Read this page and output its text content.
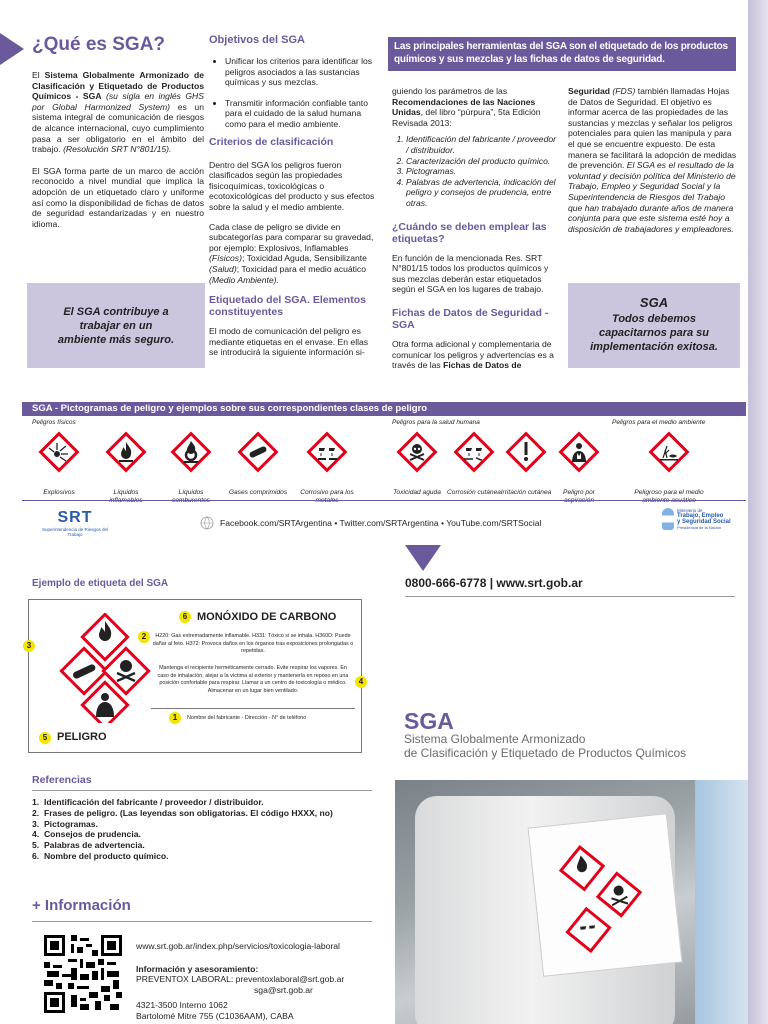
¿Qué es SGA?

El Sistema Globalmente Armonizado de Clasificación y Etiquetado de Productos Químicos - SGA (su sigla en inglés GHS por Global Harmonized System) es un sistema integral de comunicación de riesgos de alcance internacional, cuyo cumplimiento pasa a ser obligatorio en el ámbito del trabajo. (Resolución SRT N°801/15).

El SGA forma parte de un marco de acción reconocido a nivel mundial que implica la adopción de un etiquetado claro y uniforme así como la disponibilidad de fichas de datos de seguridad estandarizadas y en nuestro idioma.

El SGA contribuye a trabajar en un ambiente más seguro.
Objetivos del SGA
• Unificar los criterios para identificar los peligros asociados a las sustancias químicas y sus mezclas.
• Transmitir información confiable tanto para el cuidado de la salud humana como para el medio ambiente.
Criterios de clasificación

Dentro del SGA los peligros fueron clasificados según las propiedades fisicoquímicas, toxicológicas o ecotoxicológicas del producto y sus efectos sobre la salud y el medio ambiente.

Cada clase de peligro se divide en subcategorías para comparar su gravedad, por ejemplo: Explosivos, Inflamables (Físicos); Toxicidad Aguda, Sensibilizante (Salud); Toxicidad para el medio acuático (Medio Ambiente).

Etiquetado del SGA. Elementos constituyentes

El modo de comunicación del peligro es mediante etiquetas en el envase. En ellas se introducirá la siguiente información si-

Las principales herramientas del SGA son el etiquetado de los productos químicos y sus mezclas y las fichas de datos de seguridad.

guiendo los parámetros de las Recomendaciones de las Naciones Unidas, del libro “púrpura”, 5ta Edición Revisada 2013:

1. Identificación del fabricante / proveedor / distribuidor.
2. Caracterización del producto químico.
3. Pictogramas.
4. Palabras de advertencia, indicación del peligro y consejos de prudencia, entre otras.
¿Cuándo se deben emplear las etiquetas?

En función de la mencionada Res. SRT N°801/15 todos los productos químicos y sus mezclas deberán estar etiquetados según el SGA en los lugares de trabajo.

Fichas de Datos de Seguridad - SGA

Otra forma adicional y complementaria de comunicar los peligros y advertencias es a través de las Fichas de Datos de

Seguridad (FDS) también llamadas Hojas de Datos de Seguridad. El objetivo es informar acerca de las propiedades de las sustancias y mezclas y señalar los peligros potenciales para quien las manipula y para el que se encuentre expuesto. De esta manera se facilitará la adopción de medidas de prevención. El SGA es el resultado de la voluntad y decisión política del Ministerio de Trabajo, Empleo y Seguridad Social y la Superintendencia de Riesgos del Trabajo que han trabajado durante años de manera conjunta para que este sistema esté hoy a disposición de trabajadores y empleadores.

SGA
Todos debemos capacitarnos para su implementación exitosa.
SGA - Pictogramas de peligro y ejemplos sobre sus correspondientes clases de peligro
Peligros físicos	Peligros para la salud humana	Peligros para el medio ambiente
Explosivos	Líquidos	Líquidos	Gases comprimidos	Corrosivo para los	Toxicidad aguda Corrosión cutánea Irritación cutánea	Peligro por	Peligroso para el medio
SRT
Superintendencia de Riesgos del Trabajo
Facebook.com/SRTArgentina • Twitter.com/SRTArgentina • YouTube.com/SRTSocial
Ministerio de
Trabajo, Empleo
y Seguridad Social
Presidencia de la Nación
0800-666-6778 | www.srt.gob.ar
Ejemplo de etiqueta del SGA
3
5 PELIGRO
6 MONÓXIDO DE CARBONO
2	H220: Gas extremadamente inflamable. H331: Tóxico si se inhala. H360D: Puede dañar al feto. H372: Provoca daños en los órganos tras exposiciones prolongadas o repetidas.
Mantenga el recipiente herméticamente cerrado. Evite respirar los vapores. En caso de inhalación, alejar a la víctima al exterior y mantenerla en reposo en una posición confortable para respirar. Llamar a un centro de toxicología o médico. Almacenar en un lugar bien ventilado.
4
1	Nombre del fabricante - Dirección - N° de teléfono
Referencias
1.  Identificación del fabricante / proveedor / distribuidor.
2.  Frases de peligro. (Las leyendas son obligatorias. El código HXXX, no)
3.  Pictogramas.
4.  Consejos de prudencia.
5.  Palabras de advertencia.
6.  Nombre del producto químico.
SGA
Sistema Globalmente Armonizado
de Clasificación y Etiquetado de Productos Químicos
+ Información
www.srt.gob.ar/index.php/servicios/toxicologia-laboral
Información y asesoramiento:
PREVENTOX LABORAL: preventoxlaboral@srt.gob.ar
sga@srt.gob.ar
4321-3500 Interno 1062
Bartolomé Mitre 755 (C1036AAM), CABA
